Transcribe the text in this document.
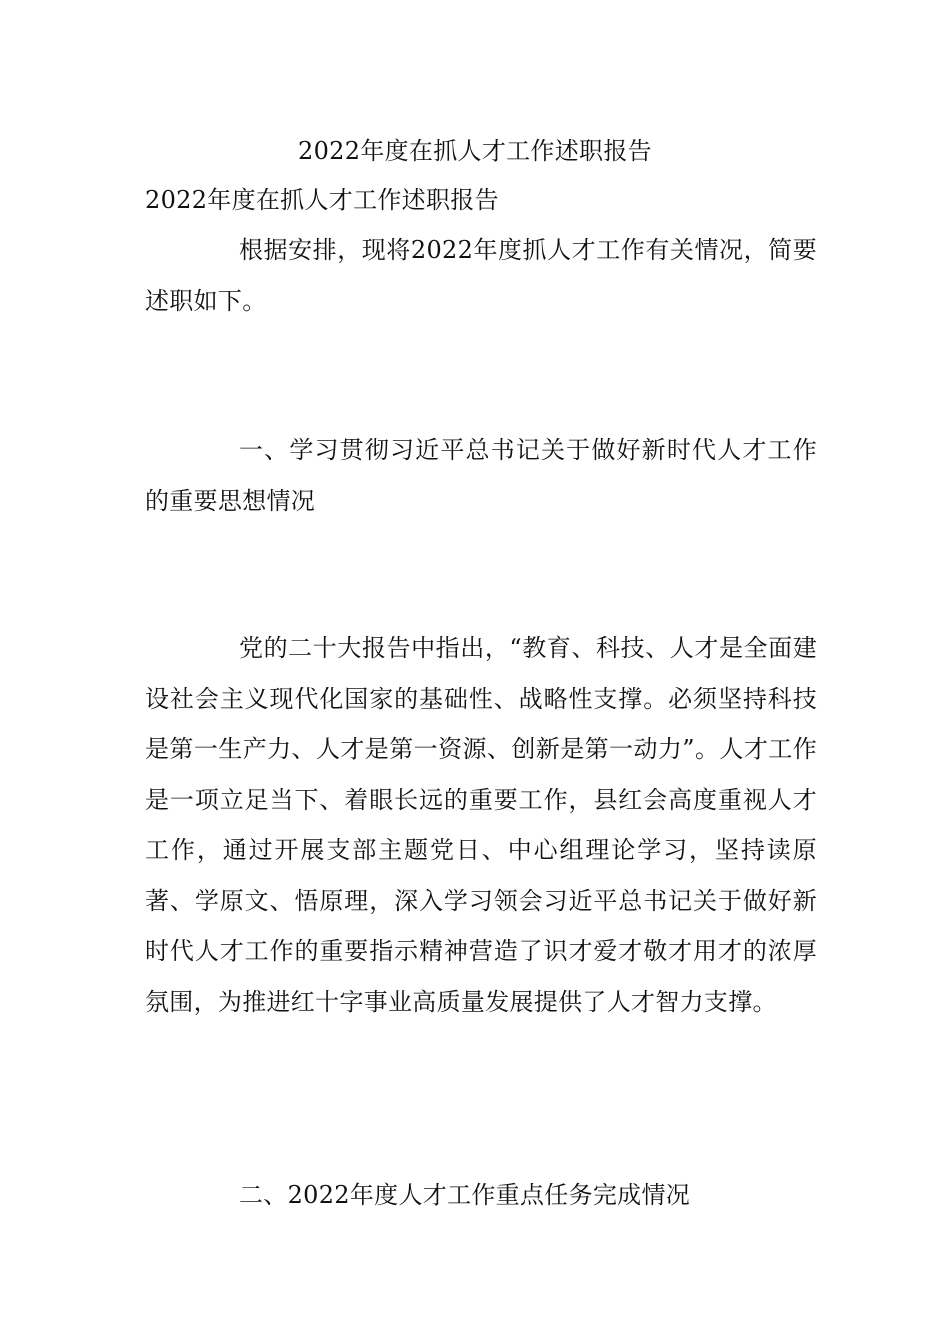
2022年度在抓人才工作述职报告

2022年度在抓人才工作述职报告

根据安排，现将2022年度抓人才工作有关情况，简要述职如下。

一、学习贯彻习近平总书记关于做好新时代人才工作的重要思想情况

党的二十大报告中指出，“教育、科技、人才是全面建设社会主义现代化国家的基础性、战略性支撑。必须坚持科技是第一生产力、人才是第一资源、创新是第一动力”。人才工作是一项立足当下、着眼长远的重要工作，县红会高度重视人才工作，通过开展支部主题党日、中心组理论学习，坚持读原著、学原文、悟原理，深入学习领会习近平总书记关于做好新时代人才工作的重要指示精神营造了识才爱才敬才用才的浓厚氛围，为推进红十字事业高质量发展提供了人才智力支撑。

二、2022年度人才工作重点任务完成情况
